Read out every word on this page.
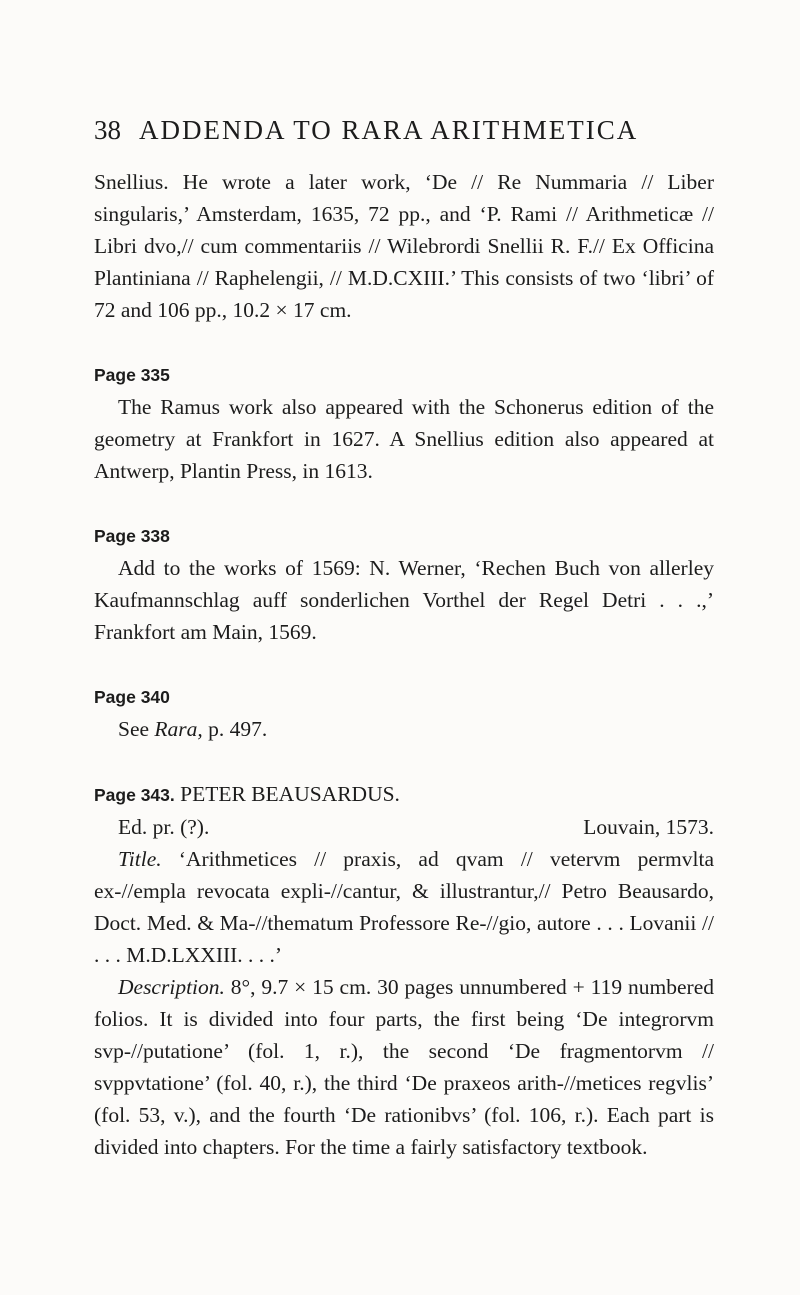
38 ADDENDA TO RARA ARITHMETICA

Snellius. He wrote a later work, ‘De // Re Nummaria // Liber singularis,’ Amsterdam, 1635, 72 pp., and ‘P. Rami // Arithmeticæ // Libri dvo,// cum commentariis // Wilebrordi Snellii R. F.// Ex Officina Plantiniana // Raphelengii, // M.D.CXIII.’ This consists of two ‘libri’ of 72 and 106 pp., 10.2 × 17 cm.

Page 335

The Ramus work also appeared with the Schonerus edition of the geometry at Frankfort in 1627. A Snellius edition also appeared at Antwerp, Plantin Press, in 1613.

Page 338

Add to the works of 1569: N. Werner, ‘Rechen Buch von allerley Kaufmannschlag auff sonderlichen Vorthel der Regel Detri . . .,’ Frankfort am Main, 1569.

Page 340

See Rara, p. 497.

Page 343. PETER BEAUSARDUS.

Ed. pr. (?).	Louvain, 1573.

Title. ‘Arithmetices // praxis, ad qvam // vetervm permvlta ex-//empla revocata expli-//cantur, & illustrantur,// Petro Beausardo, Doct. Med. & Ma-//thematum Professore Re-//gio, autore . . . Lovanii // . . . M.D.LXXIII. . . .’

Description. 8°, 9.7 × 15 cm. 30 pages unnumbered + 119 numbered folios. It is divided into four parts, the first being ‘De integrorvm svp-//putatione’ (fol. 1, r.), the second ‘De fragmentorvm // svppvtatione’ (fol. 40, r.), the third ‘De praxeos arith-//metices regvlis’ (fol. 53, v.), and the fourth ‘De rationibvs’ (fol. 106, r.). Each part is divided into chapters. For the time a fairly satisfactory textbook.
